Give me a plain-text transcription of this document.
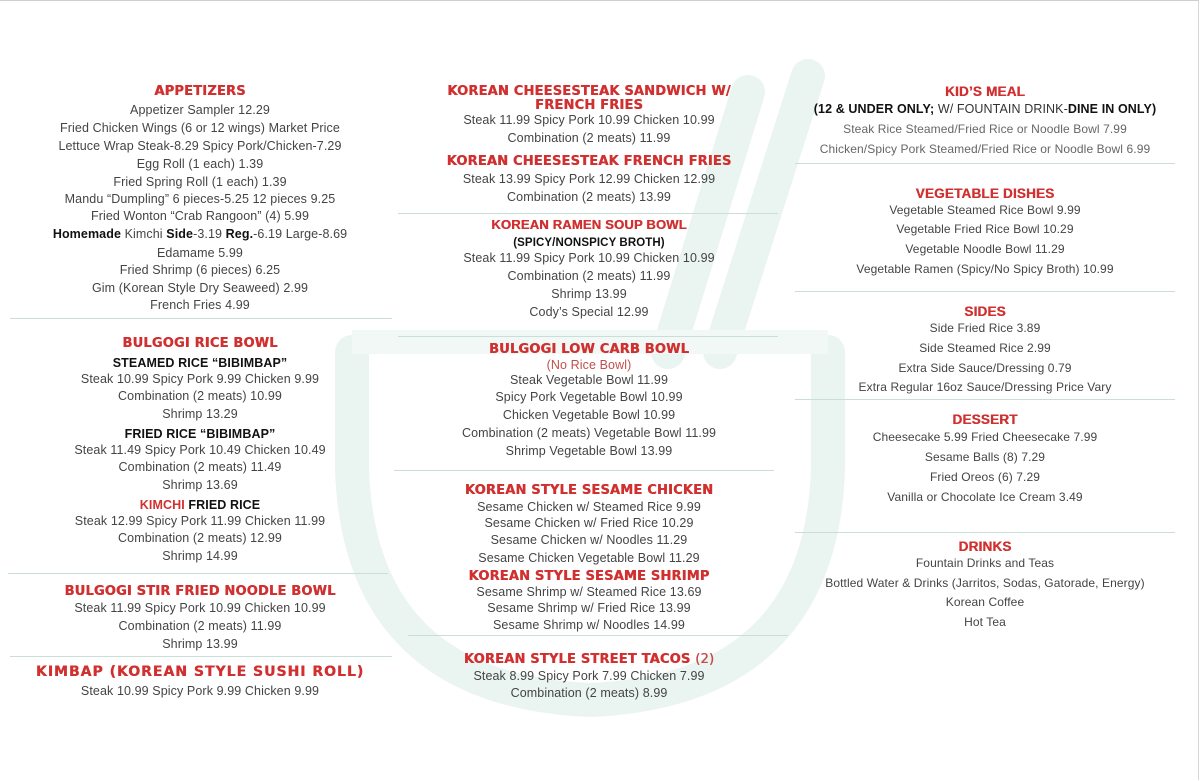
APPETIZERS
Appetizer Sampler 12.29
Fried Chicken Wings (6 or 12 wings) Market Price
Lettuce Wrap Steak-8.29 Spicy Pork/Chicken-7.29
Egg Roll (1 each) 1.39
Fried Spring Roll (1 each) 1.39
Mandu “Dumpling” 6 pieces-5.25 12 pieces 9.25
Fried Wonton “Crab Rangoon” (4) 5.99
Homemade Kimchi Side-3.19 Reg.-6.19 Large-8.69
Edamame 5.99
Fried Shrimp (6 pieces) 6.25
Gim (Korean Style Dry Seaweed) 2.99
French Fries 4.99
BULGOGI RICE BOWL
STEAMED RICE “BIBIMBAP”
Steak 10.99 Spicy Pork 9.99 Chicken 9.99
Combination (2 meats) 10.99
Shrimp 13.29
FRIED RICE “BIBIMBAP”
Steak 11.49 Spicy Pork 10.49 Chicken 10.49
Combination (2 meats) 11.49
Shrimp 13.69
KIMCHI FRIED RICE
Steak 12.99 Spicy Pork 11.99 Chicken 11.99
Combination (2 meats) 12.99
Shrimp 14.99
BULGOGI STIR FRIED NOODLE BOWL
Steak 11.99 Spicy Pork 10.99 Chicken 10.99
Combination (2 meats) 11.99
Shrimp 13.99
KIMBAP (KOREAN STYLE SUSHI ROLL)
Steak 10.99 Spicy Pork 9.99 Chicken 9.99
KOREAN CHEESESTEAK SANDWICH W/
FRENCH FRIES
Steak 11.99 Spicy Pork 10.99 Chicken 10.99
Combination (2 meats) 11.99
KOREAN CHEESESTEAK FRENCH FRIES
Steak 13.99 Spicy Pork 12.99 Chicken 12.99
Combination (2 meats) 13.99
KOREAN RAMEN SOUP BOWL
(SPICY/NONSPICY BROTH)
Steak 11.99 Spicy Pork 10.99 Chicken 10.99
Combination (2 meats) 11.99
Shrimp 13.99
Cody’s Special 12.99
BULGOGI LOW CARB BOWL
(No Rice Bowl)
Steak Vegetable Bowl 11.99
Spicy Pork Vegetable Bowl 10.99
Chicken Vegetable Bowl 10.99
Combination (2 meats) Vegetable Bowl 11.99
Shrimp Vegetable Bowl 13.99
KOREAN STYLE SESAME CHICKEN
Sesame Chicken w/ Steamed Rice 9.99
Sesame Chicken w/ Fried Rice 10.29
Sesame Chicken w/ Noodles 11.29
Sesame Chicken Vegetable Bowl 11.29
KOREAN STYLE SESAME SHRIMP
Sesame Shrimp w/ Steamed Rice 13.69
Sesame Shrimp w/ Fried Rice 13.99
Sesame Shrimp w/ Noodles 14.99
KOREAN STYLE STREET TACOS (2)
Steak 8.99 Spicy Pork 7.99 Chicken 7.99
Combination (2 meats) 8.99
KID’S MEAL
(12 & UNDER ONLY; W/ FOUNTAIN DRINK-DINE IN ONLY)
Steak Rice Steamed/Fried Rice or Noodle Bowl 7.99
Chicken/Spicy Pork Steamed/Fried Rice or Noodle Bowl 6.99
VEGETABLE DISHES
Vegetable Steamed Rice Bowl 9.99
Vegetable Fried Rice Bowl 10.29
Vegetable Noodle Bowl 11.29
Vegetable Ramen (Spicy/No Spicy Broth) 10.99
SIDES
Side Fried Rice 3.89
Side Steamed Rice 2.99
Extra Side Sauce/Dressing 0.79
Extra Regular 16oz Sauce/Dressing Price Vary
DESSERT
Cheesecake 5.99 Fried Cheesecake 7.99
Sesame Balls (8) 7.29
Fried Oreos (6) 7.29
Vanilla or Chocolate Ice Cream 3.49
DRINKS
Fountain Drinks and Teas
Bottled Water & Drinks (Jarritos, Sodas, Gatorade, Energy)
Korean Coffee
Hot Tea
